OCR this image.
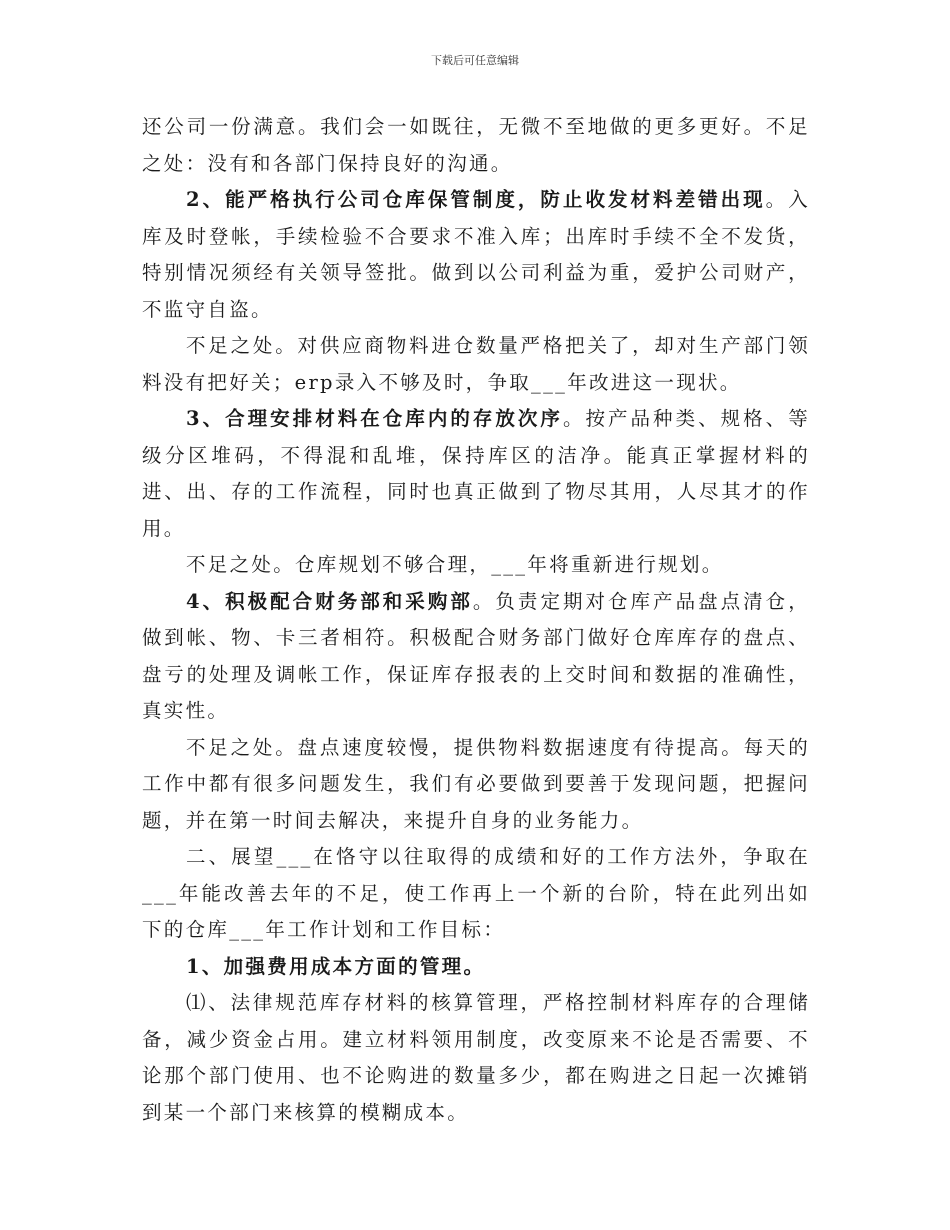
下载后可任意编辑

还公司一份满意。我们会一如既往，无微不至地做的更多更好。不足之处：没有和各部门保持良好的沟通。

2、能严格执行公司仓库保管制度，防止收发材料差错出现。入库及时登帐，手续检验不合要求不准入库；出库时手续不全不发货，特别情况须经有关领导签批。做到以公司利益为重，爱护公司财产，不监守自盗。

不足之处。对供应商物料进仓数量严格把关了，却对生产部门领料没有把好关；erp录入不够及时，争取___年改进这一现状。

3、合理安排材料在仓库内的存放次序。按产品种类、规格、等级分区堆码，不得混和乱堆，保持库区的洁净。能真正掌握材料的进、出、存的工作流程，同时也真正做到了物尽其用，人尽其才的作用。

不足之处。仓库规划不够合理，___年将重新进行规划。

4、积极配合财务部和采购部。负责定期对仓库产品盘点清仓，做到帐、物、卡三者相符。积极配合财务部门做好仓库库存的盘点、盘亏的处理及调帐工作，保证库存报表的上交时间和数据的准确性，真实性。

不足之处。盘点速度较慢，提供物料数据速度有待提高。每天的工作中都有很多问题发生，我们有必要做到要善于发现问题，把握问题，并在第一时间去解决，来提升自身的业务能力。

二、展望___在恪守以往取得的成绩和好的工作方法外，争取在___年能改善去年的不足，使工作再上一个新的台阶，特在此列出如下的仓库___年工作计划和工作目标：

1、加强费用成本方面的管理。

⑴、法律规范库存材料的核算管理，严格控制材料库存的合理储备，减少资金占用。建立材料领用制度，改变原来不论是否需要、不论那个部门使用、也不论购进的数量多少，都在购进之日起一次摊销到某一个部门来核算的模糊成本。
